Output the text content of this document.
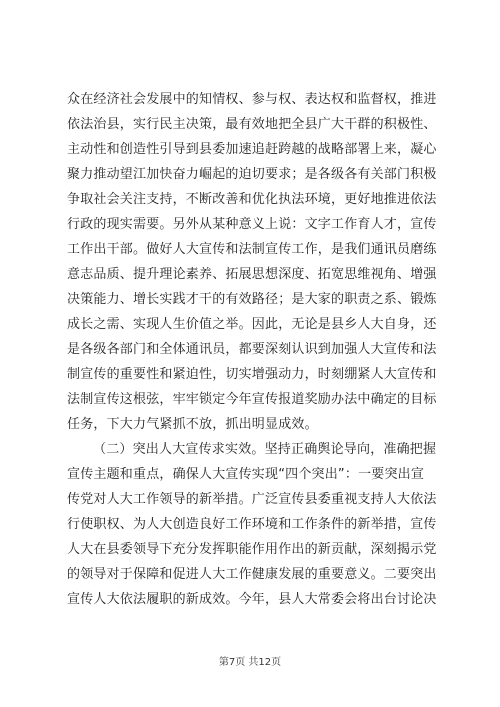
众在经济社会发展中的知情权、参与权、表达权和监督权，推进
依法治县，实行民主决策，最有效地把全县广大干群的积极性、
主动性和创造性引导到县委加速追赶跨越的战略部署上来，凝心
聚力推动望江加快奋力崛起的迫切要求；是各级各有关部门积极
争取社会关注支持，不断改善和优化执法环境，更好地推进依法
行政的现实需要。另外从某种意义上说：文字工作育人才，宣传
工作出干部。做好人大宣传和法制宣传工作，是我们通讯员磨练
意志品质、提升理论素养、拓展思想深度、拓宽思维视角、增强
决策能力、增长实践才干的有效路径；是大家的职责之系、锻炼
成长之需、实现人生价值之举。因此，无论是县乡人大自身，还
是各级各部门和全体通讯员，都要深刻认识到加强人大宣传和法
制宣传的重要性和紧迫性，切实增强动力，时刻绷紧人大宣传和
法制宣传这根弦，牢牢锁定今年宣传报道奖励办法中确定的目标
任务，下大力气紧抓不放，抓出明显成效。
（二）突出人大宣传求实效。坚持正确舆论导向，准确把握
宣传主题和重点，确保人大宣传实现“四个突出”：一要突出宣
传党对人大工作领导的新举措。广泛宣传县委重视支持人大依法
行使职权、为人大创造良好工作环境和工作条件的新举措，宣传
人大在县委领导下充分发挥职能作用作出的新贡献，深刻揭示党
的领导对于保障和促进人大工作健康发展的重要意义。二要突出
宣传人大依法履职的新成效。今年，县人大常委会将出台讨论决
第7页 共12页
